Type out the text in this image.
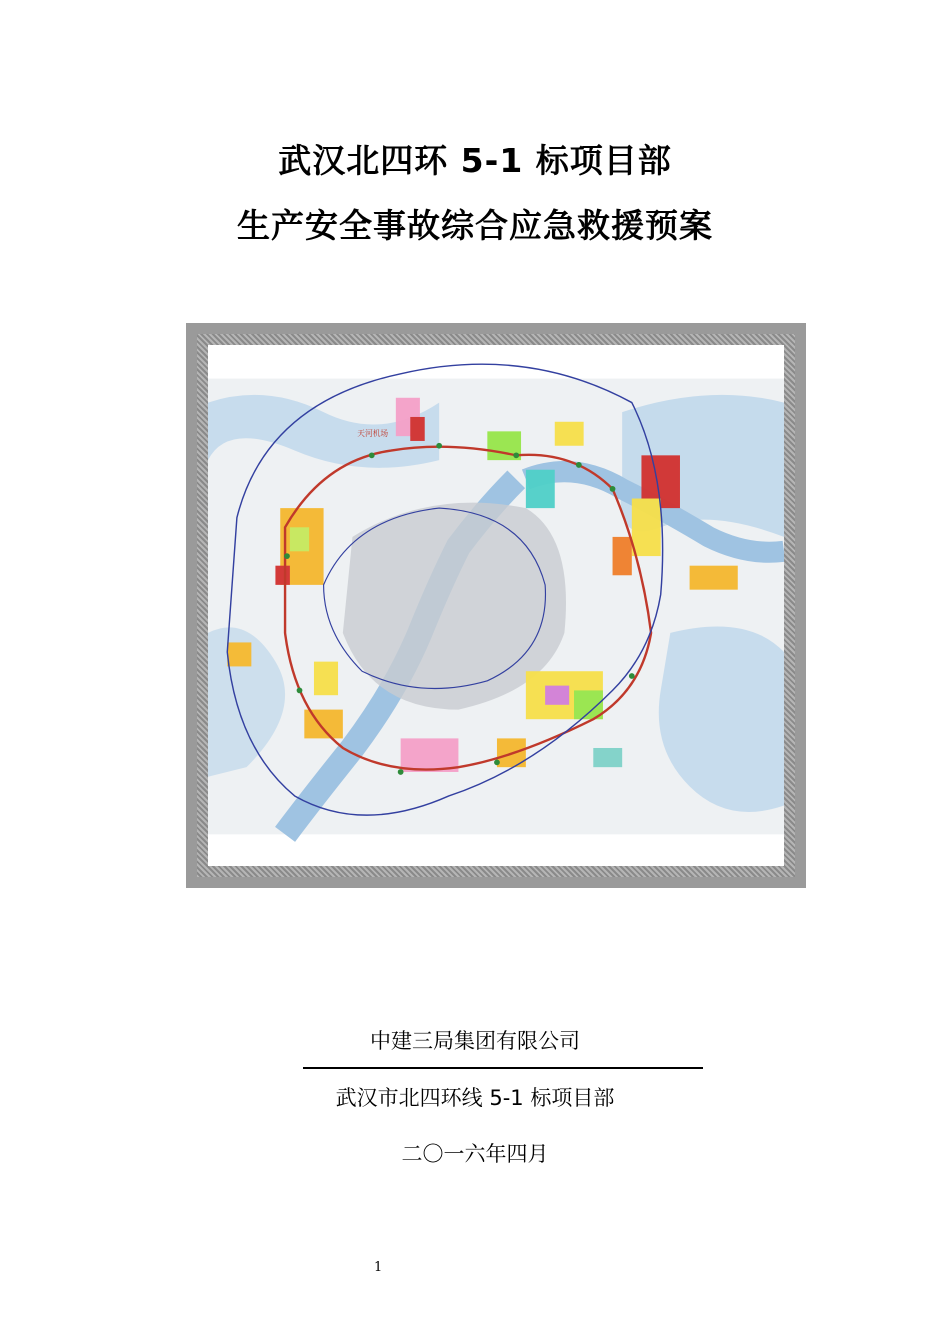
武汉北四环 5-1 标项目部
生产安全事故综合应急救援预案
天河机场
中建三局集团有限公司
武汉市北四环线 5-1 标项目部
二〇一六年四月
1
